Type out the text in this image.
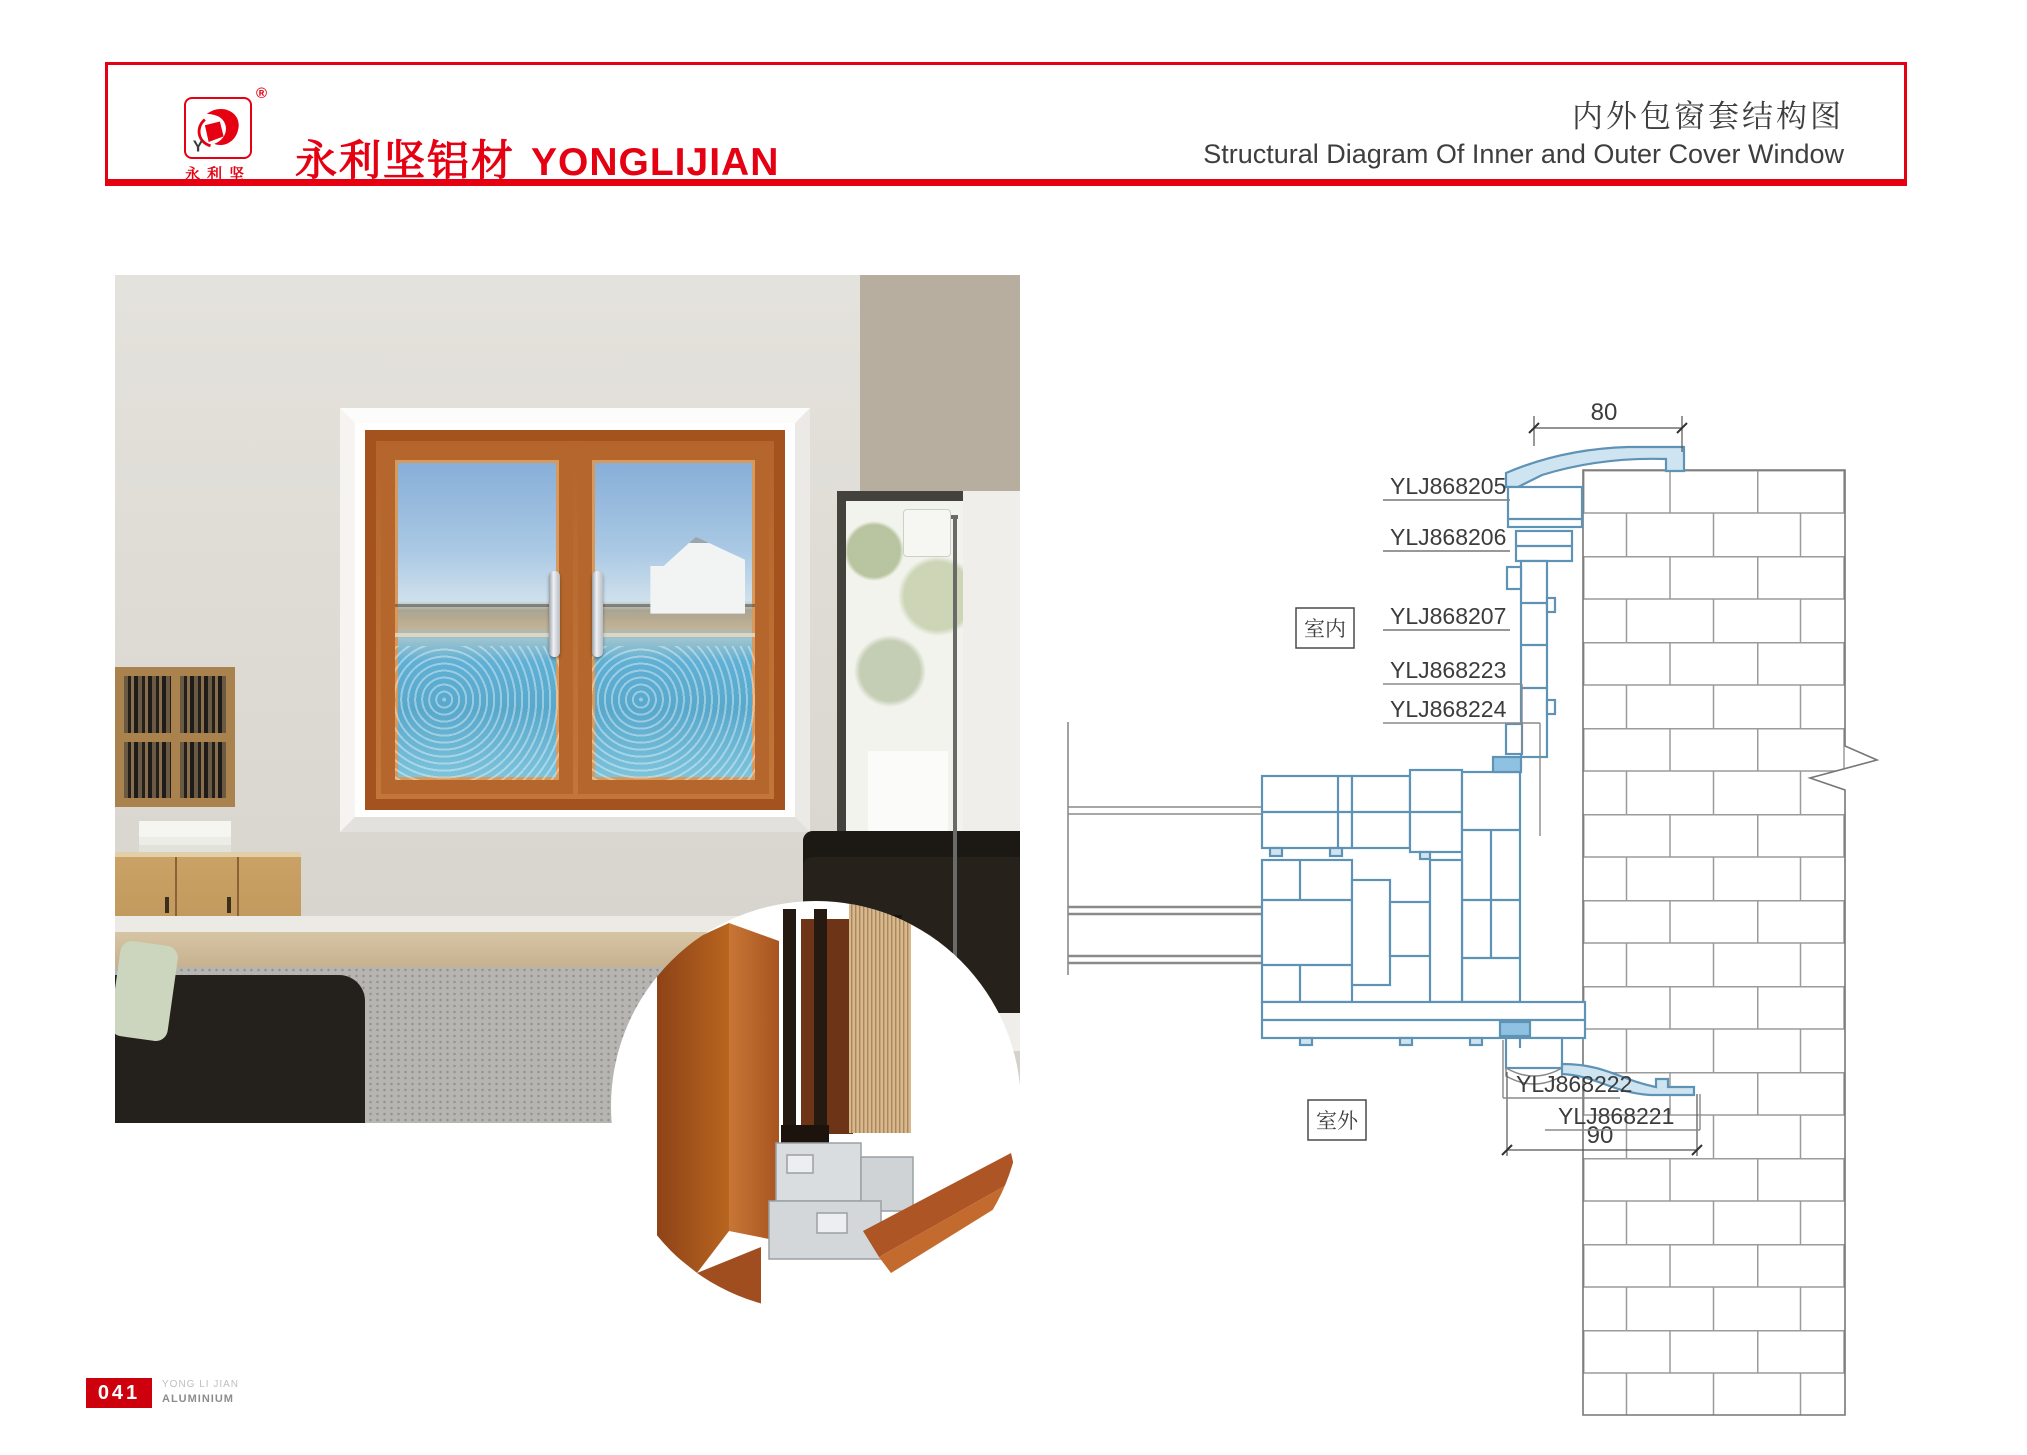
Y
®
永利坚	永利坚铝材 YONGLIJIAN
内外包窗套结构图
Structural Diagram Of Inner and Outer Cover Window
80
90
YLJ868205
YLJ868206
YLJ868207
YLJ868223
YLJ868224
YLJ868222
YLJ868221
室内
室外
041	YONG LI JIAN
ALUMINIUM
